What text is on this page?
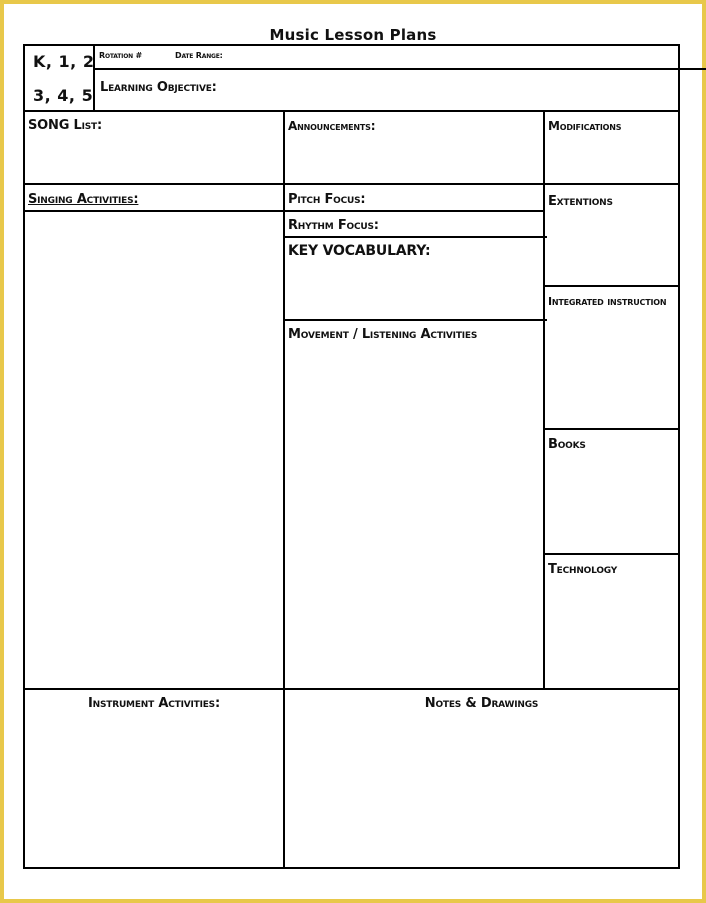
Music Lesson Plans
K, 1, 2
3, 4, 5
Rotation #	Date Range:
Learning Objective:
SONG List:	Announcements:	Modifications
Singing Activities:	Pitch Focus:
Rhythm Focus:
KEY VOCABULARY:
Extentions
Integrated instruction
Movement / Listening Activities
Books
Technology
Instrument Activities:	Notes & Drawings
